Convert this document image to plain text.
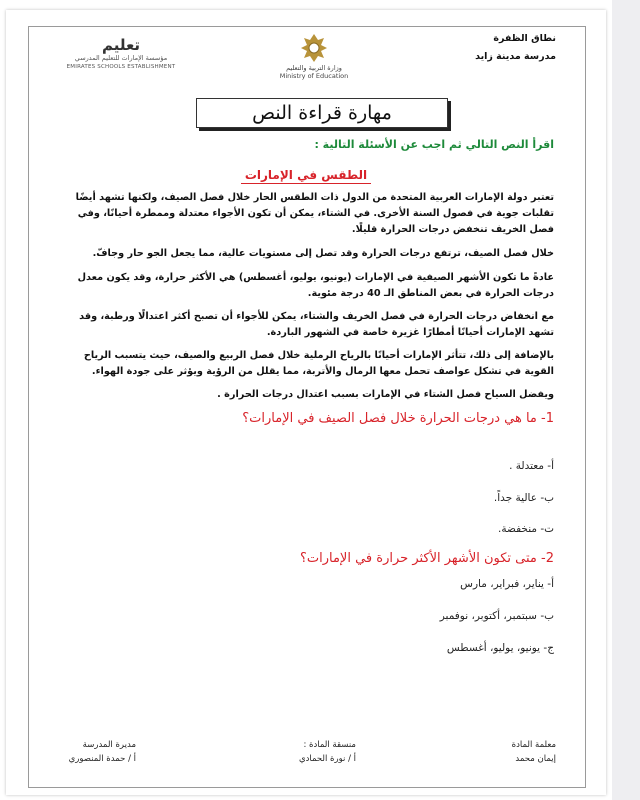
نطاق الظفرة
مدرسة مدينة زايد
وزارة التربية والتعليم
Ministry of Education
تعليم
مؤسسة الإمارات للتعليم المدرسي
EMIRATES SCHOOLS ESTABLISHMENT
مهارة قراءة النص
اقرأ النص التالي ثم اجب عن الأسئلة التالية :
الطقس في الإمارات
تعتبر دولة الإمارات العربية المتحدة من الدول ذات الطقس الحار خلال فصل الصيف، ولكنها تشهد أيضًا تقلبات جوية في فصول السنة الأخرى. في الشتاء، يمكن أن تكون الأجواء معتدلة وممطرة أحيانًا، وفي فصل الخريف تنخفض درجات الحرارة قليلًا.
خلال فصل الصيف، ترتفع درجات الحرارة وقد تصل إلى مستويات عالية، مما يجعل الجو حار وجافّ.
عادةً ما تكون الأشهر الصيفية في الإمارات (يونيو، يوليو، أغسطس) هي الأكثر حرارة، وقد يكون معدل درجات الحرارة في بعض المناطق الـ 40 درجة مئوية.
مع انخفاض درجات الحرارة في فصل الخريف والشتاء، يمكن للأجواء أن تصبح أكثر اعتدالًا ورطبة، وقد تشهد الإمارات أحيانًا أمطارًا غزيرة خاصة في الشهور الباردة.
بالإضافة إلى ذلك، تتأثر الإمارات أحيانًا بالرياح الرملية خلال فصل الربيع والصيف، حيث يتسبب الرياح القوية في تشكل عواصف تحمل معها الرمال والأتربة، مما يقلل من الرؤية ويؤثر على جودة الهواء.
ويفضل السياح فصل الشتاء في الإمارات بسبب اعتدال درجات الحرارة .
1- ما هي درجات الحرارة خلال فصل الصيف في الإمارات؟
أ- معتدلة .
ب- عالية جداً.
ت- منخفضة.
2- متى تكون الأشهر الأكثر حرارة في الإمارات؟
أ- يناير، فبراير، مارس
ب- سبتمبر، أكتوبر، نوفمبر
ج- يونيو، يوليو، أغسطس
معلمة المادة
إيمان محمد
منسقة المادة :
أ / نورة الحمادي
مديرة المدرسة
أ / حمدة المنصوري
